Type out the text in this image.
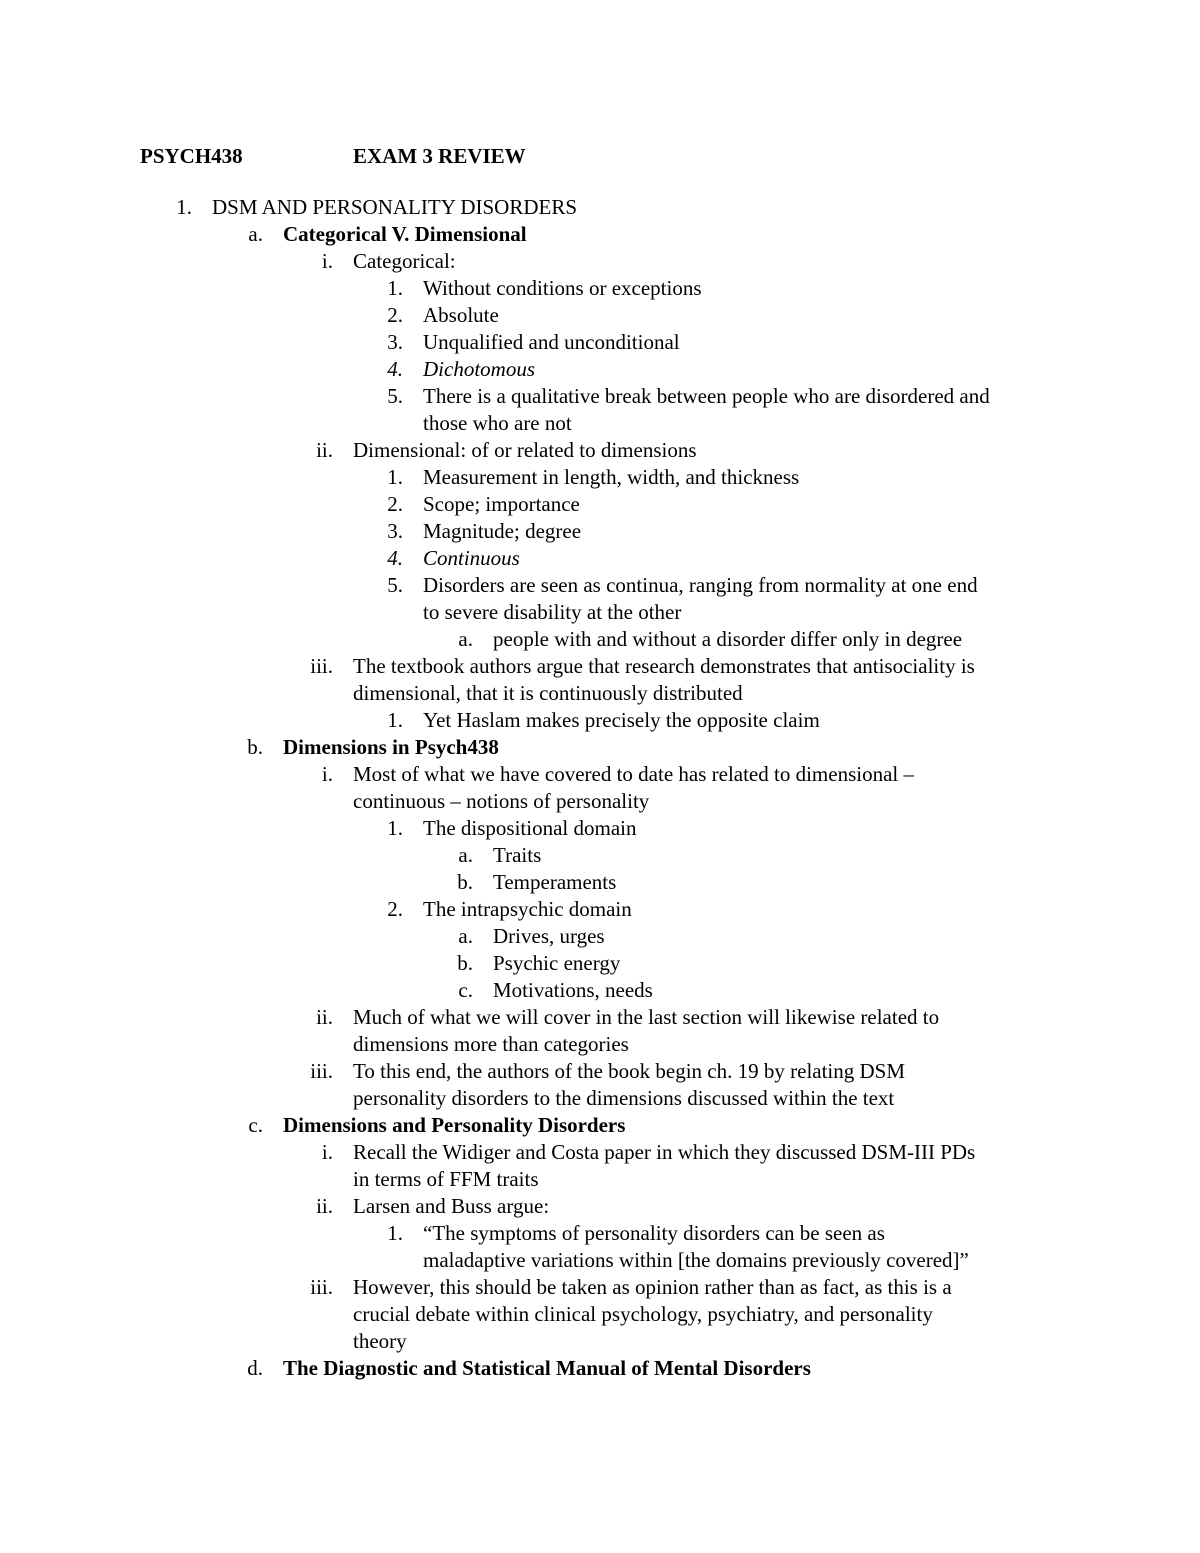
PSYCH438	EXAM 3 REVIEW
1. DSM AND PERSONALITY DISORDERS
a. Categorical V. Dimensional
i. Categorical:
1. Without conditions or exceptions
2. Absolute
3. Unqualified and unconditional
4. Dichotomous
5. There is a qualitative break between people who are disordered and
those who are not
ii. Dimensional: of or related to dimensions
1. Measurement in length, width, and thickness
2. Scope; importance
3. Magnitude; degree
4. Continuous
5. Disorders are seen as continua, ranging from normality at one end
to severe disability at the other
a. people with and without a disorder differ only in degree
iii. The textbook authors argue that research demonstrates that antisociality is
dimensional, that it is continuously distributed
1. Yet Haslam makes precisely the opposite claim
b. Dimensions in Psych438
i. Most of what we have covered to date has related to dimensional –
continuous – notions of personality
1. The dispositional domain
a. Traits
b. Temperaments
2. The intrapsychic domain
a. Drives, urges
b. Psychic energy
c. Motivations, needs
ii. Much of what we will cover in the last section will likewise related to
dimensions more than categories
iii. To this end, the authors of the book begin ch. 19 by relating DSM
personality disorders to the dimensions discussed within the text
c. Dimensions and Personality Disorders
i. Recall the Widiger and Costa paper in which they discussed DSM-III PDs
in terms of FFM traits
ii. Larsen and Buss argue:
1. “The symptoms of personality disorders can be seen as
maladaptive variations within [the domains previously covered]”
iii. However, this should be taken as opinion rather than as fact, as this is a
crucial debate within clinical psychology, psychiatry, and personality
theory
d. The Diagnostic and Statistical Manual of Mental Disorders
